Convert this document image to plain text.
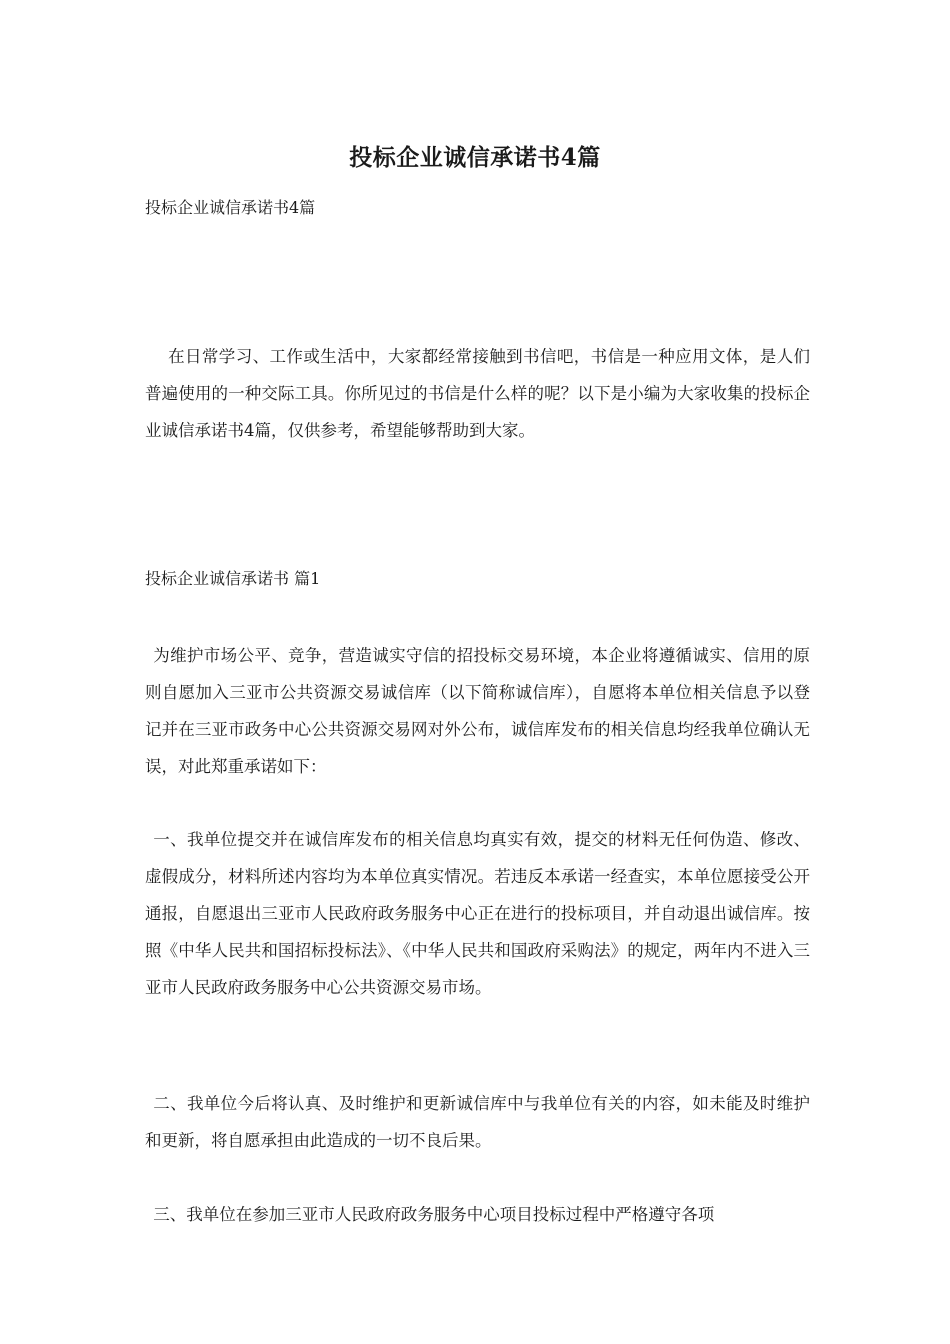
投标企业诚信承诺书4篇
投标企业诚信承诺书4篇
在日常学习、工作或生活中，大家都经常接触到书信吧，书信是一种应用文体，是人们普遍使用的一种交际工具。你所见过的书信是什么样的呢？以下是小编为大家收集的投标企业诚信承诺书4篇，仅供参考，希望能够帮助到大家。
投标企业诚信承诺书 篇1
为维护市场公平、竞争，营造诚实守信的招投标交易环境，本企业将遵循诚实、信用的原则自愿加入三亚市公共资源交易诚信库（以下简称诚信库），自愿将本单位相关信息予以登记并在三亚市政务中心公共资源交易网对外公布，诚信库发布的相关信息均经我单位确认无误，对此郑重承诺如下：
一、我单位提交并在诚信库发布的相关信息均真实有效，提交的材料无任何伪造、修改、虚假成分，材料所述内容均为本单位真实情况。若违反本承诺一经查实，本单位愿接受公开通报，自愿退出三亚市人民政府政务服务中心正在进行的投标项目，并自动退出诚信库。按照《中华人民共和国招标投标法》、《中华人民共和国政府采购法》的规定，两年内不进入三亚市人民政府政务服务中心公共资源交易市场。
二、我单位今后将认真、及时维护和更新诚信库中与我单位有关的内容，如未能及时维护和更新，将自愿承担由此造成的一切不良后果。
三、我单位在参加三亚市人民政府政务服务中心项目投标过程中严格遵守各项
